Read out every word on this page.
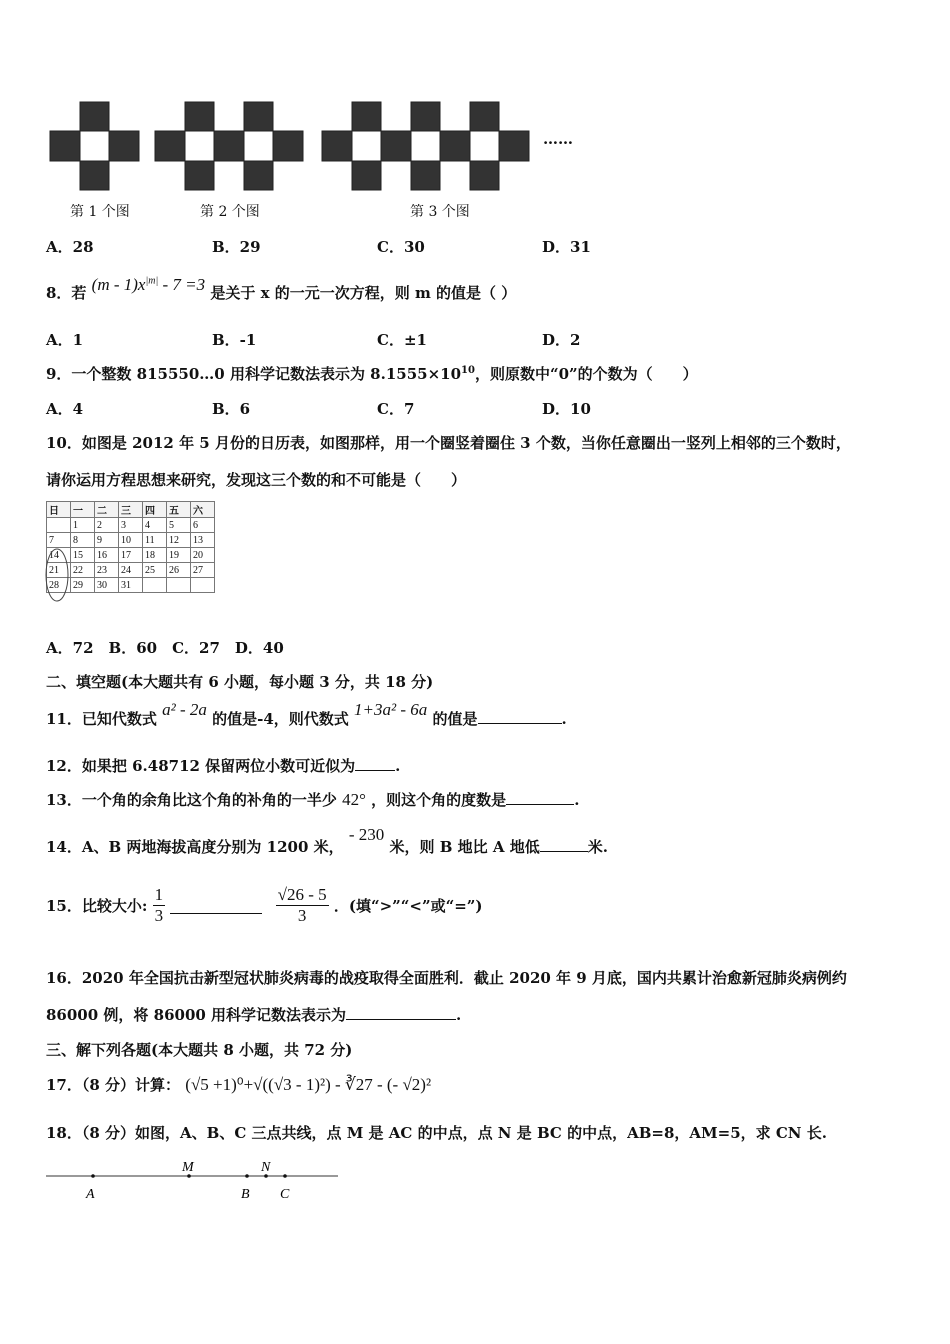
……
第 1 个图	第 2 个图	第 3 个图
A．28	B．29	C．30	D．31
8．若 $(m - 1)x^{|m|} - 7 =3$ 是关于 x 的一元一次方程，则 m 的值是（ ）
A．1	B．-1	C．±1	D．2
9．一个整数 815550…0 用科学记数法表示为 $8.1555\times 10^{10}$，则原数中“0”的个数为（　　）
A．4	B．6	C．7	D．10
10．如图是 2012 年 5 月份的日历表，如图那样，用一个圈竖着圈住 3 个数，当你任意圈出一竖列上相邻的三个数时，
请你运用方程思想来研究，发现这三个数的和不可能是（　　）
日	一	二	三	四	五	六
	1	2	3	4	5	6
7	8	9	10	11	12	13
14	15	16	17	18	19	20
21	22	23	24	25	26	27
28	29	30	31			
A．72　B．60　C．27　D．40
二、填空题(本大题共有 6 小题，每小题 3 分，共 18 分)
11．已知代数式 a² - 2a 的值是-4，则代数式 1+3a² - 6a 的值是	.
12．如果把 6.48712 保留两位小数可近似为	.
13．一个角的余角比这个角的补角的一半少 42° ，则这个角的度数是	.
14．A、B 两地海拔高度分别为 1200 米， - 230 米，则 B 地比 A 地低	米.
15．比较大小: $\frac{1}{3}$
	$\frac{√26 - 5}{3}$ ．(填“>”“<”或“=”)
16．2020 年全国抗击新型冠状肺炎病毒的战疫取得全面胜利．截止 2020 年 9 月底，国内共累计治愈新冠肺炎病例约
86000 例，将 86000 用科学记数法表示为	.
三、解下列各题(本大题共 8 小题，共 72 分)
17．（8 分）计算： (√5 +1)⁰+√((√3 - 1)²) - ∛27 - (- √2)²
18．（8 分）如图，A、B、C 三点共线，点 M 是 AC 的中点，点 N 是 BC 的中点，AB=8，AM=5，求 CN 长.
A
M
B
N
C
